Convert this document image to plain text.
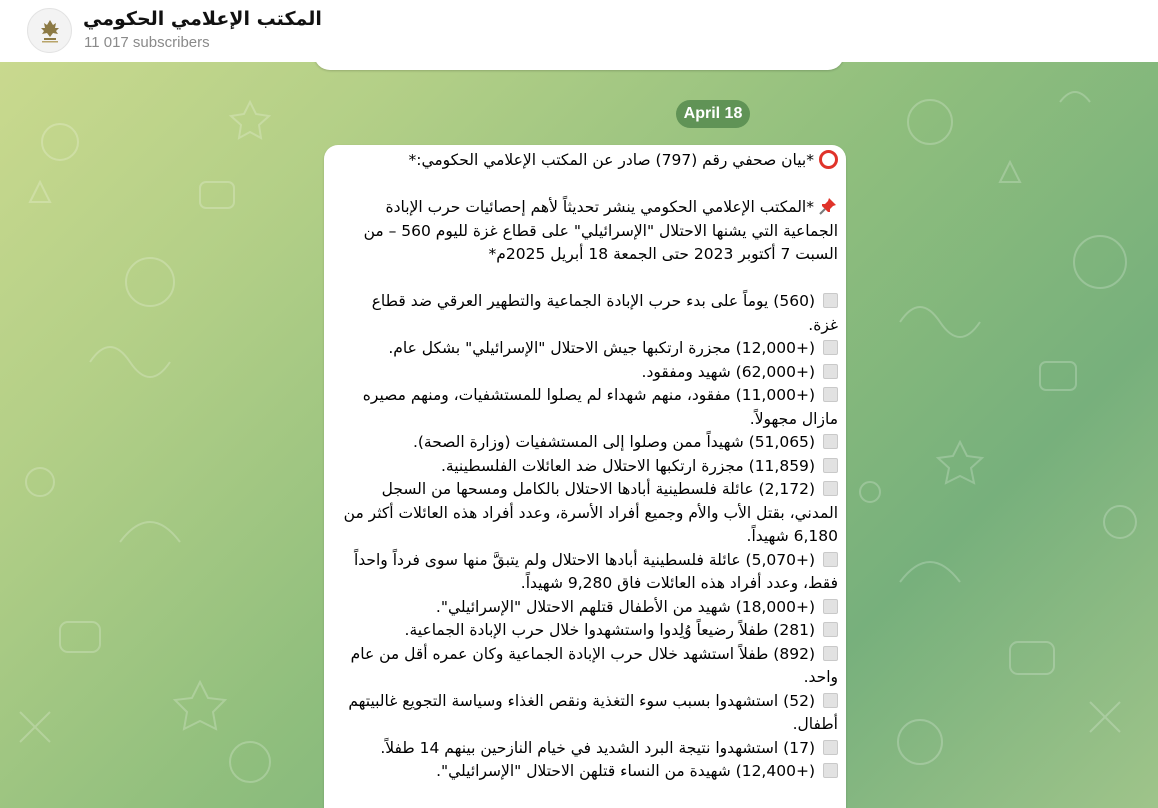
المكتب الإعلامي الحكومي
11 017 subscribers
April 18
*بيان صحفي رقم (797) صادر عن المكتب الإعلامي الحكومي:*
*المكتب الإعلامي الحكومي ينشر تحديثاً لأهم إحصائيات حرب الإبادة الجماعية التي يشنها الاحتلال "الإسرائيلي" على قطاع غزة لليوم 560 – من السبت 7 أكتوبر 2023 حتى الجمعة 18 أبريل 2025م*
(560) يوماً على بدء حرب الإبادة الجماعية والتطهير العرقي ضد قطاع غزة.
(+12,000) مجزرة ارتكبها جيش الاحتلال "الإسرائيلي" بشكل عام.
(+62,000) شهيد ومفقود.
(+11,000) مفقود، منهم شهداء لم يصلوا للمستشفيات، ومنهم مصيره مازال مجهولاً.
(51,065) شهيداً ممن وصلوا إلى المستشفيات (وزارة الصحة).
(11,859) مجزرة ارتكبها الاحتلال ضد العائلات الفلسطينية.
(2,172) عائلة فلسطينية أبادها الاحتلال بالكامل ومسحها من السجل المدني، بقتل الأب والأم وجميع أفراد الأسرة، وعدد أفراد هذه العائلات أكثر من 6,180 شهيداً.
(+5,070) عائلة فلسطينية أبادها الاحتلال ولم يتبقَّ منها سوى فرداً واحداً فقط، وعدد أفراد هذه العائلات فاق 9,280 شهيداً.
(+18,000) شهيد من الأطفال قتلهم الاحتلال "الإسرائيلي".
(281) طفلاً رضيعاً وُلِدوا واستشهدوا خلال حرب الإبادة الجماعية.
(892) طفلاً استشهد خلال حرب الإبادة الجماعية وكان عمره أقل من عام واحد.
(52) استشهدوا بسبب سوء التغذية ونقص الغذاء وسياسة التجويع غالبيتهم أطفال.
(17) استشهدوا نتيجة البرد الشديد في خيام النازحين بينهم 14 طفلاً.
(+12,400) شهيدة من النساء قتلهن الاحتلال "الإسرائيلي".
